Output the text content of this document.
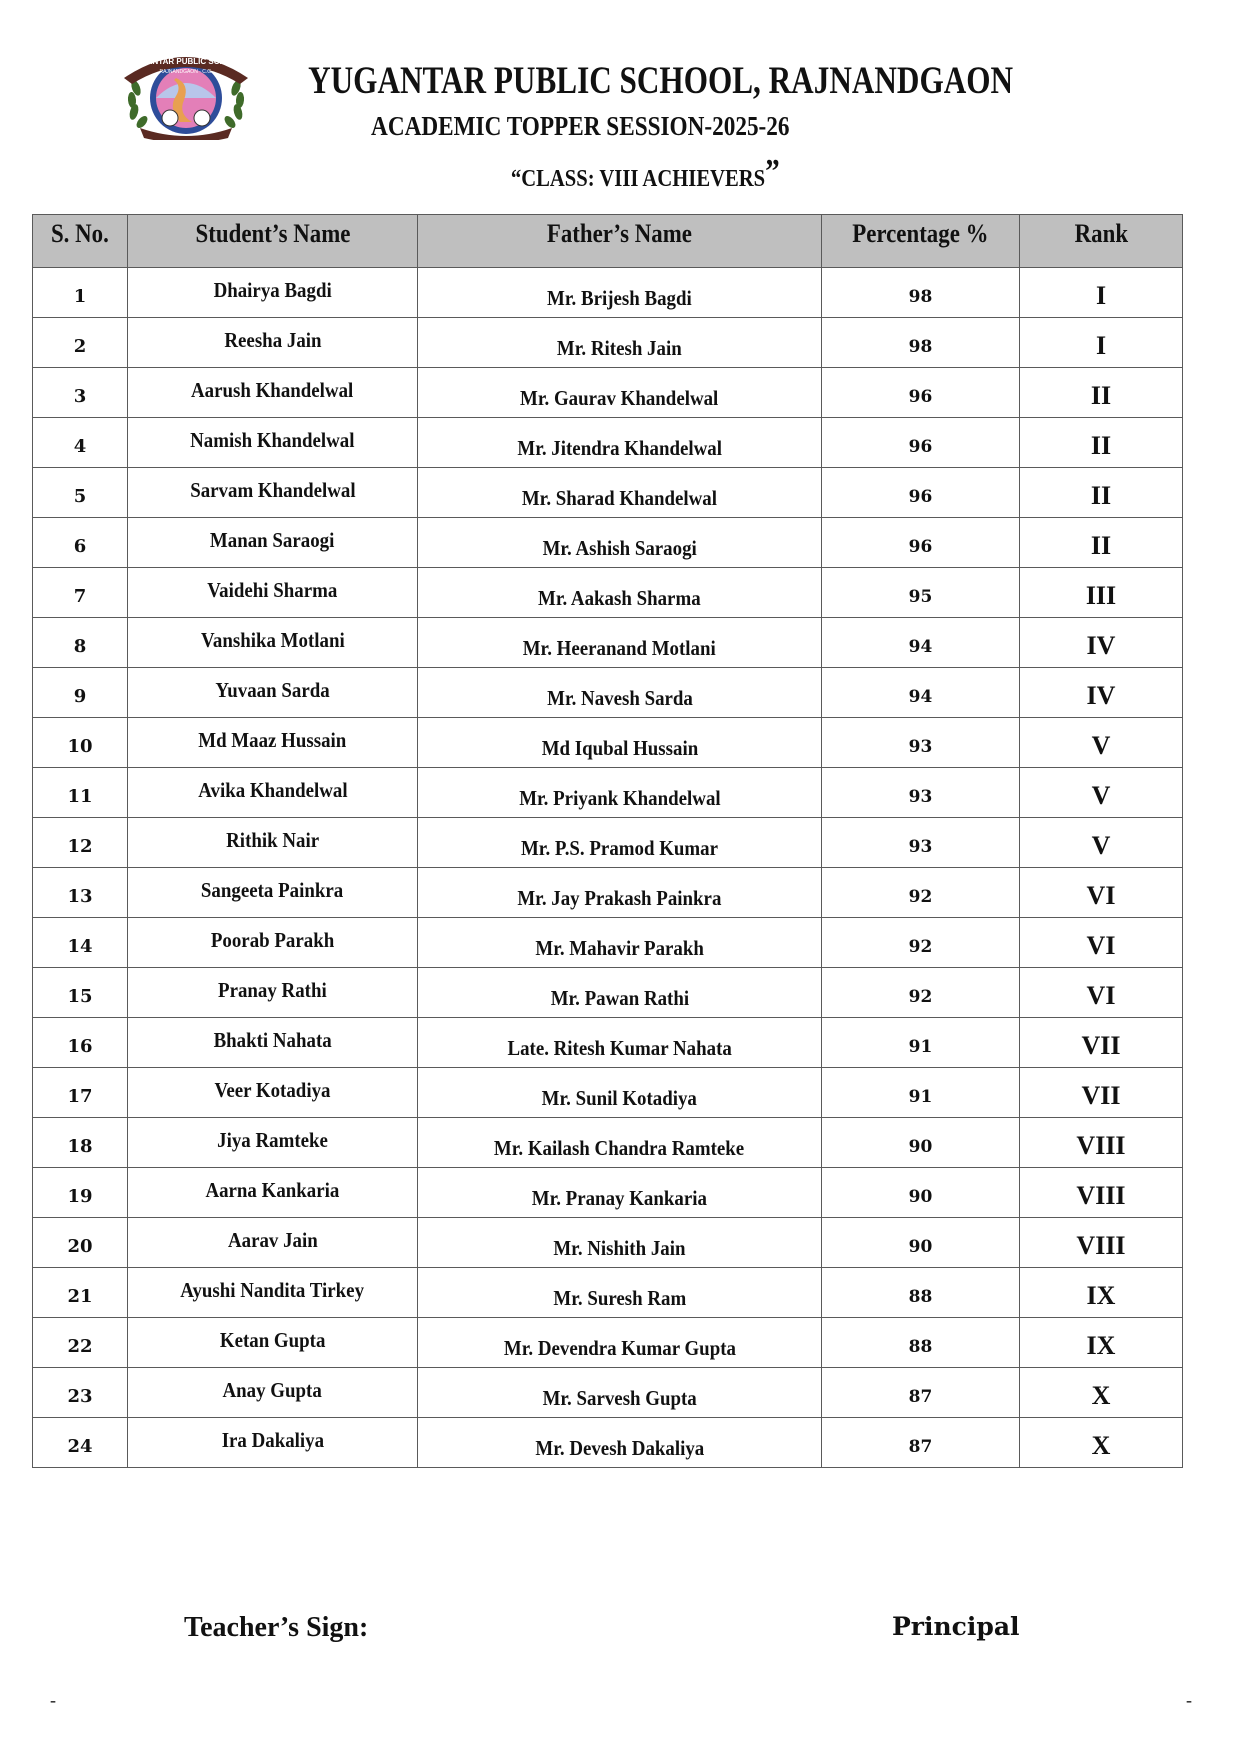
YUGANTAR PUBLIC SCHOOL
RAJNANDGAON - C.G.	YUGANTAR PUBLIC SCHOOL, RAJNANDGAON
ACADEMIC TOPPER SESSION-2025-26
“CLASS: VIII ACHIEVERS”
S. No.	Student’s Name	Father’s Name	Percentage %	Rank
1	Dhairya Bagdi	Mr. Brijesh Bagdi	98	I
2	Reesha Jain	Mr. Ritesh Jain	98	I
3	Aarush Khandelwal	Mr. Gaurav Khandelwal	96	II
4	Namish Khandelwal	Mr. Jitendra Khandelwal	96	II
5	Sarvam Khandelwal	Mr. Sharad Khandelwal	96	II
6	Manan Saraogi	Mr. Ashish Saraogi	96	II
7	Vaidehi Sharma	Mr. Aakash Sharma	95	III
8	Vanshika Motlani	Mr. Heeranand Motlani	94	IV
9	Yuvaan Sarda	Mr. Navesh Sarda	94	IV
10	Md Maaz Hussain	Md Iqubal Hussain	93	V
11	Avika Khandelwal	Mr. Priyank Khandelwal	93	V
12	Rithik Nair	Mr. P.S. Pramod Kumar	93	V
13	Sangeeta Painkra	Mr. Jay Prakash Painkra	92	VI
14	Poorab Parakh	Mr. Mahavir Parakh	92	VI
15	Pranay Rathi	Mr. Pawan Rathi	92	VI
16	Bhakti Nahata	Late. Ritesh Kumar Nahata	91	VII
17	Veer Kotadiya	Mr. Sunil Kotadiya	91	VII
18	Jiya Ramteke	Mr. Kailash Chandra Ramteke	90	VIII
19	Aarna Kankaria	Mr. Pranay Kankaria	90	VIII
20	Aarav Jain	Mr. Nishith Jain	90	VIII
21	Ayushi Nandita Tirkey	Mr. Suresh Ram	88	IX
22	Ketan Gupta	Mr. Devendra Kumar Gupta	88	IX
23	Anay Gupta	Mr. Sarvesh Gupta	87	X
24	Ira Dakaliya	Mr. Devesh Dakaliya	87	X
Teacher’s Sign:	Principal
-	-
